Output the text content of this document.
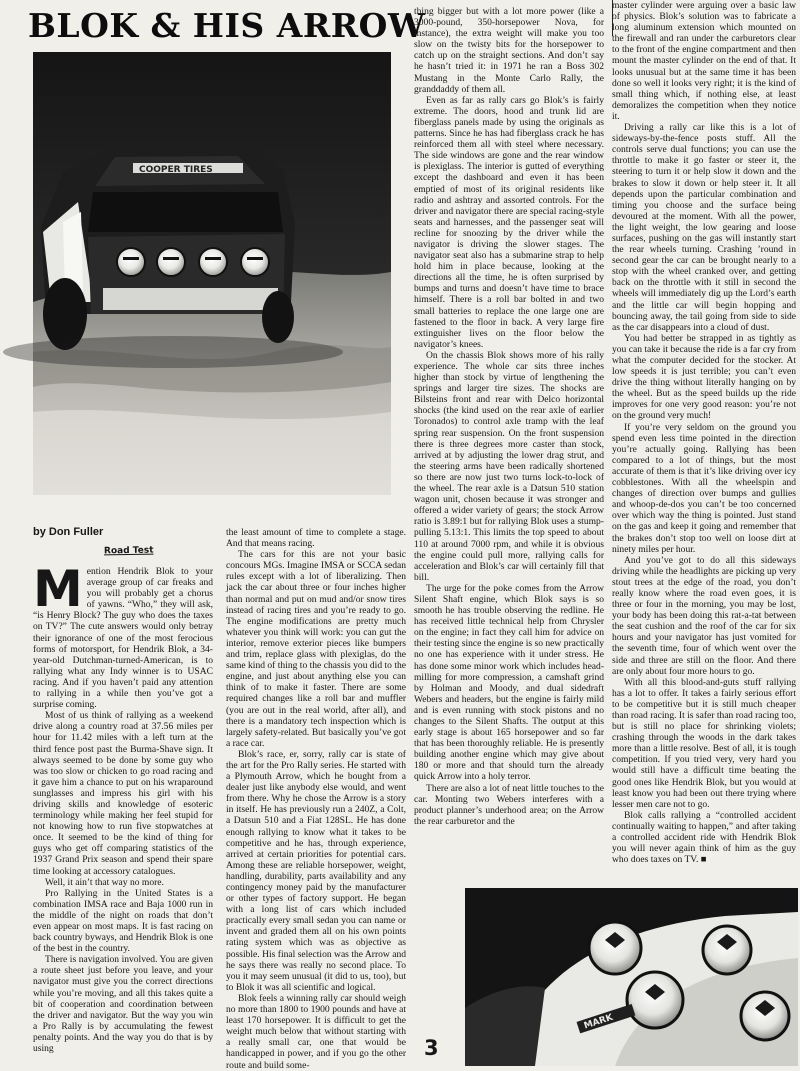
BLOK & HIS ARROW
COOPER TIRES

by Don Fuller

Road Test

Mention Hendrik Blok to your average group of car freaks and you will probably get a chorus of yawns. “Who,” they will ask, “is Henry Block? The guy who does the taxes on TV?” The cute answers would only betray their ignorance of one of the most ferocious forms of motorsport, for Hendrik Blok, a 34-year-old Dutchman-turned-American, is to rallying what any Indy winner is to USAC racing. And if you haven’t paid any attention to rallying in a while then you’ve got a surprise coming.

Most of us think of rallying as a weekend drive along a country road at 37.56 miles per hour for 11.42 miles with a left turn at the third fence post past the Burma-Shave sign. It always seemed to be done by some guy who was too slow or chicken to go road racing and it gave him a chance to put on his wraparound sunglasses and impress his girl with his driving skills and knowledge of esoteric terminology while making her feel stupid for not knowing how to run five stopwatches at once. It seemed to be the kind of thing for guys who get off comparing statistics of the 1937 Grand Prix season and spend their spare time looking at accessory catalogues.

Well, it ain’t that way no more.

Pro Rallying in the United States is a combination IMSA race and Baja 1000 run in the middle of the night on roads that don’t even appear on most maps. It is fast racing on back country byways, and Hendrik Blok is one of the best in the country.

There is navigation involved. You are given a route sheet just before you leave, and your navigator must give you the correct directions while you’re moving, and all this takes quite a bit of cooperation and coordination between the driver and navigator. But the way you win a Pro Rally is by accumulating the fewest penalty points. And the way you do that is by using

the least amount of time to complete a stage. And that means racing.

The cars for this are not your basic concours MGs. Imagine IMSA or SCCA sedan rules except with a lot of liberalizing. Then jack the car about three or four inches higher than normal and put on mud and/or snow tires instead of racing tires and you’re ready to go. The engine modifications are pretty much whatever you think will work: you can gut the interior, remove exterior pieces like bumpers and trim, replace glass with plexiglas, do the same kind of thing to the chassis you did to the engine, and just about anything else you can think of to make it faster. There are some required changes like a roll bar and muffler (you are out in the real world, after all), and there is a mandatory tech inspection which is largely safety-related. But basically you’ve got a race car.

Blok’s race, er, sorry, rally car is state of the art for the Pro Rally series. He started with a Plymouth Arrow, which he bought from a dealer just like anybody else would, and went from there. Why he chose the Arrow is a story in itself. He has previously run a 240Z, a Colt, a Datsun 510 and a Fiat 128SL. He has done enough rallying to know what it takes to be competitive and he has, through experience, arrived at certain priorities for potential cars. Among these are reliable horsepower, weight, handling, durability, parts availability and any contingency money paid by the manufacturer or other types of factory support. He began with a long list of cars which included practically every small sedan you can name or invent and graded them all on his own points rating system which was as objective as possible. His final selection was the Arrow and he says there was really no second place. To you it may seem unusual (it did to us, too), but to Blok it was all scientific and logical.

Blok feels a winning rally car should weigh no more than 1800 to 1900 pounds and have at least 170 horsepower. It is difficult to get the weight much below that without starting with a really small car, one that would be handicapped in power, and if you go the other route and build some-

thing bigger but with a lot more power (like a 3000-pound, 350-horsepower Nova, for instance), the extra weight will make you too slow on the twisty bits for the horsepower to catch up on the straight sections. And don’t say he hasn’t tried it: in 1971 he ran a Boss 302 Mustang in the Monte Carlo Rally, the granddaddy of them all.

Even as far as rally cars go Blok’s is fairly extreme. The doors, hood and trunk lid are fiberglass panels made by using the originals as patterns. Since he has had fiberglass crack he has reinforced them all with steel where necessary. The side windows are gone and the rear window is plexiglass. The interior is gutted of everything except the dashboard and even it has been emptied of most of its original residents like radio and ashtray and assorted controls. For the driver and navigator there are special racing-style seats and harnesses, and the passenger seat will recline for snoozing by the driver while the navigator is driving the slower stages. The navigator seat also has a submarine strap to help hold him in place because, looking at the directions all the time, he is often surprised by bumps and turns and doesn’t have time to brace himself. There is a roll bar bolted in and two small batteries to replace the one large one are fastened to the floor in back. A very large fire extinguisher lives on the floor below the navigator’s knees.

On the chassis Blok shows more of his rally experience. The whole car sits three inches higher than stock by virtue of lengthening the springs and larger tire sizes. The shocks are Bilsteins front and rear with Delco horizontal shocks (the kind used on the rear axle of earlier Toronados) to control axle tramp with the leaf spring rear suspension. On the front suspension there is three degrees more caster than stock, arrived at by adjusting the lower drag strut, and the steering arms have been radically shortened so there are now just two turns lock-to-lock of the wheel. The rear axle is a Datsun 510 station wagon unit, chosen because it was stronger and offered a wider variety of gears; the stock Arrow ratio is 3.89:1 but for rallying Blok uses a stump-pulling 5.13:1. This limits the top speed to about 110 at around 7000 rpm, and while it is obvious the engine could pull more, rallying calls for acceleration and Blok’s car will certainly fill that bill.

The urge for the poke comes from the Arrow Silent Shaft engine, which Blok says is so smooth he has trouble observing the redline. He has received little technical help from Chrysler on the engine; in fact they call him for advice on their testing since the engine is so new practically no one has experience with it under stress. He has done some minor work which includes head-milling for more compression, a camshaft grind by Holman and Moody, and dual sidedraft Webers and headers, but the engine is fairly mild and is even running with stock pistons and no changes to the Silent Shafts. The output at this early stage is about 165 horsepower and so far that has been thoroughly reliable. He is presently building another engine which may give about 180 or more and that should turn the already quick Arrow into a holy terror.

There are also a lot of neat little touches to the car. Monting two Webers interferes with a product planner’s underhood area; on the Arrow the rear carburetor and the

master cylinder were arguing over a basic law of physics. Blok’s solution was to fabricate a long aluminum extension which mounted on the firewall and ran under the carburetors clear to the front of the engine compartment and then mount the master cylinder on the end of that. It looks unusual but at the same time it has been done so well it looks very right; it is the kind of small thing which, if nothing else, at least demoralizes the competition when they notice it.

Driving a rally car like this is a lot of sideways-by-the-fence posts stuff. All the controls serve dual functions; you can use the throttle to make it go faster or steer it, the steering to turn it or help slow it down and the brakes to slow it down or help steer it. It all depends upon the particular combination and timing you choose and the surface being devoured at the moment. With all the power, the light weight, the low gearing and loose surfaces, pushing on the gas will instantly start the rear wheels turning. Crashing ’round in second gear the car can be brought nearly to a stop with the wheel cranked over, and getting back on the throttle with it still in second the wheels will immediately dig up the Lord’s earth and the little car will begin hopping and bouncing away, the tail going from side to side as the car disappears into a cloud of dust.

You had better be strapped in as tightly as you can take it because the ride is a far cry from what the computer decided for the stocker. At low speeds it is just terrible; you can’t even drive the thing without literally hanging on by the wheel. But as the speed builds up the ride improves for one very good reason: you’re not on the ground very much!

If you’re very seldom on the ground you spend even less time pointed in the direction you’re actually going. Rallying has been compared to a lot of things, but the most accurate of them is that it’s like driving over icy cobblestones. With all the wheelspin and changes of direction over bumps and gullies and whoop-de-dos you can’t be too concerned over which way the thing is pointed. Just stand on the gas and keep it going and remember that the brakes don’t stop too well on loose dirt at ninety miles per hour.

And you’ve got to do all this sideways driving while the headlights are picking up very stout trees at the edge of the road, you don’t really know where the road even goes, it is three or four in the morning, you may be lost, your body has been doing this rat-a-tat between the seat cushion and the roof of the car for six hours and your navigator has just vomited for the seventh time, four of which went over the side and three are still on the floor. And there are only about four more hours to go.

With all this blood-and-guts stuff rallying has a lot to offer. It takes a fairly serious effort to be competitive but it is still much cheaper than road racing. It is safer than road racing too, but is still no place for shrinking violets; crashing through the woods in the dark takes more than a little resolve. Best of all, it is tough competition. If you tried very, very hard you would still have a difficult time beating the good ones like Hendrik Blok, but you would at least know you had been out there trying where lesser men care not to go.

Blok calls rallying a “controlled accident continually waiting to happen,” and after taking a controlled accident ride with Hendrik Blok you will never again think of him as the guy who does taxes on TV. ■

MARK

3
